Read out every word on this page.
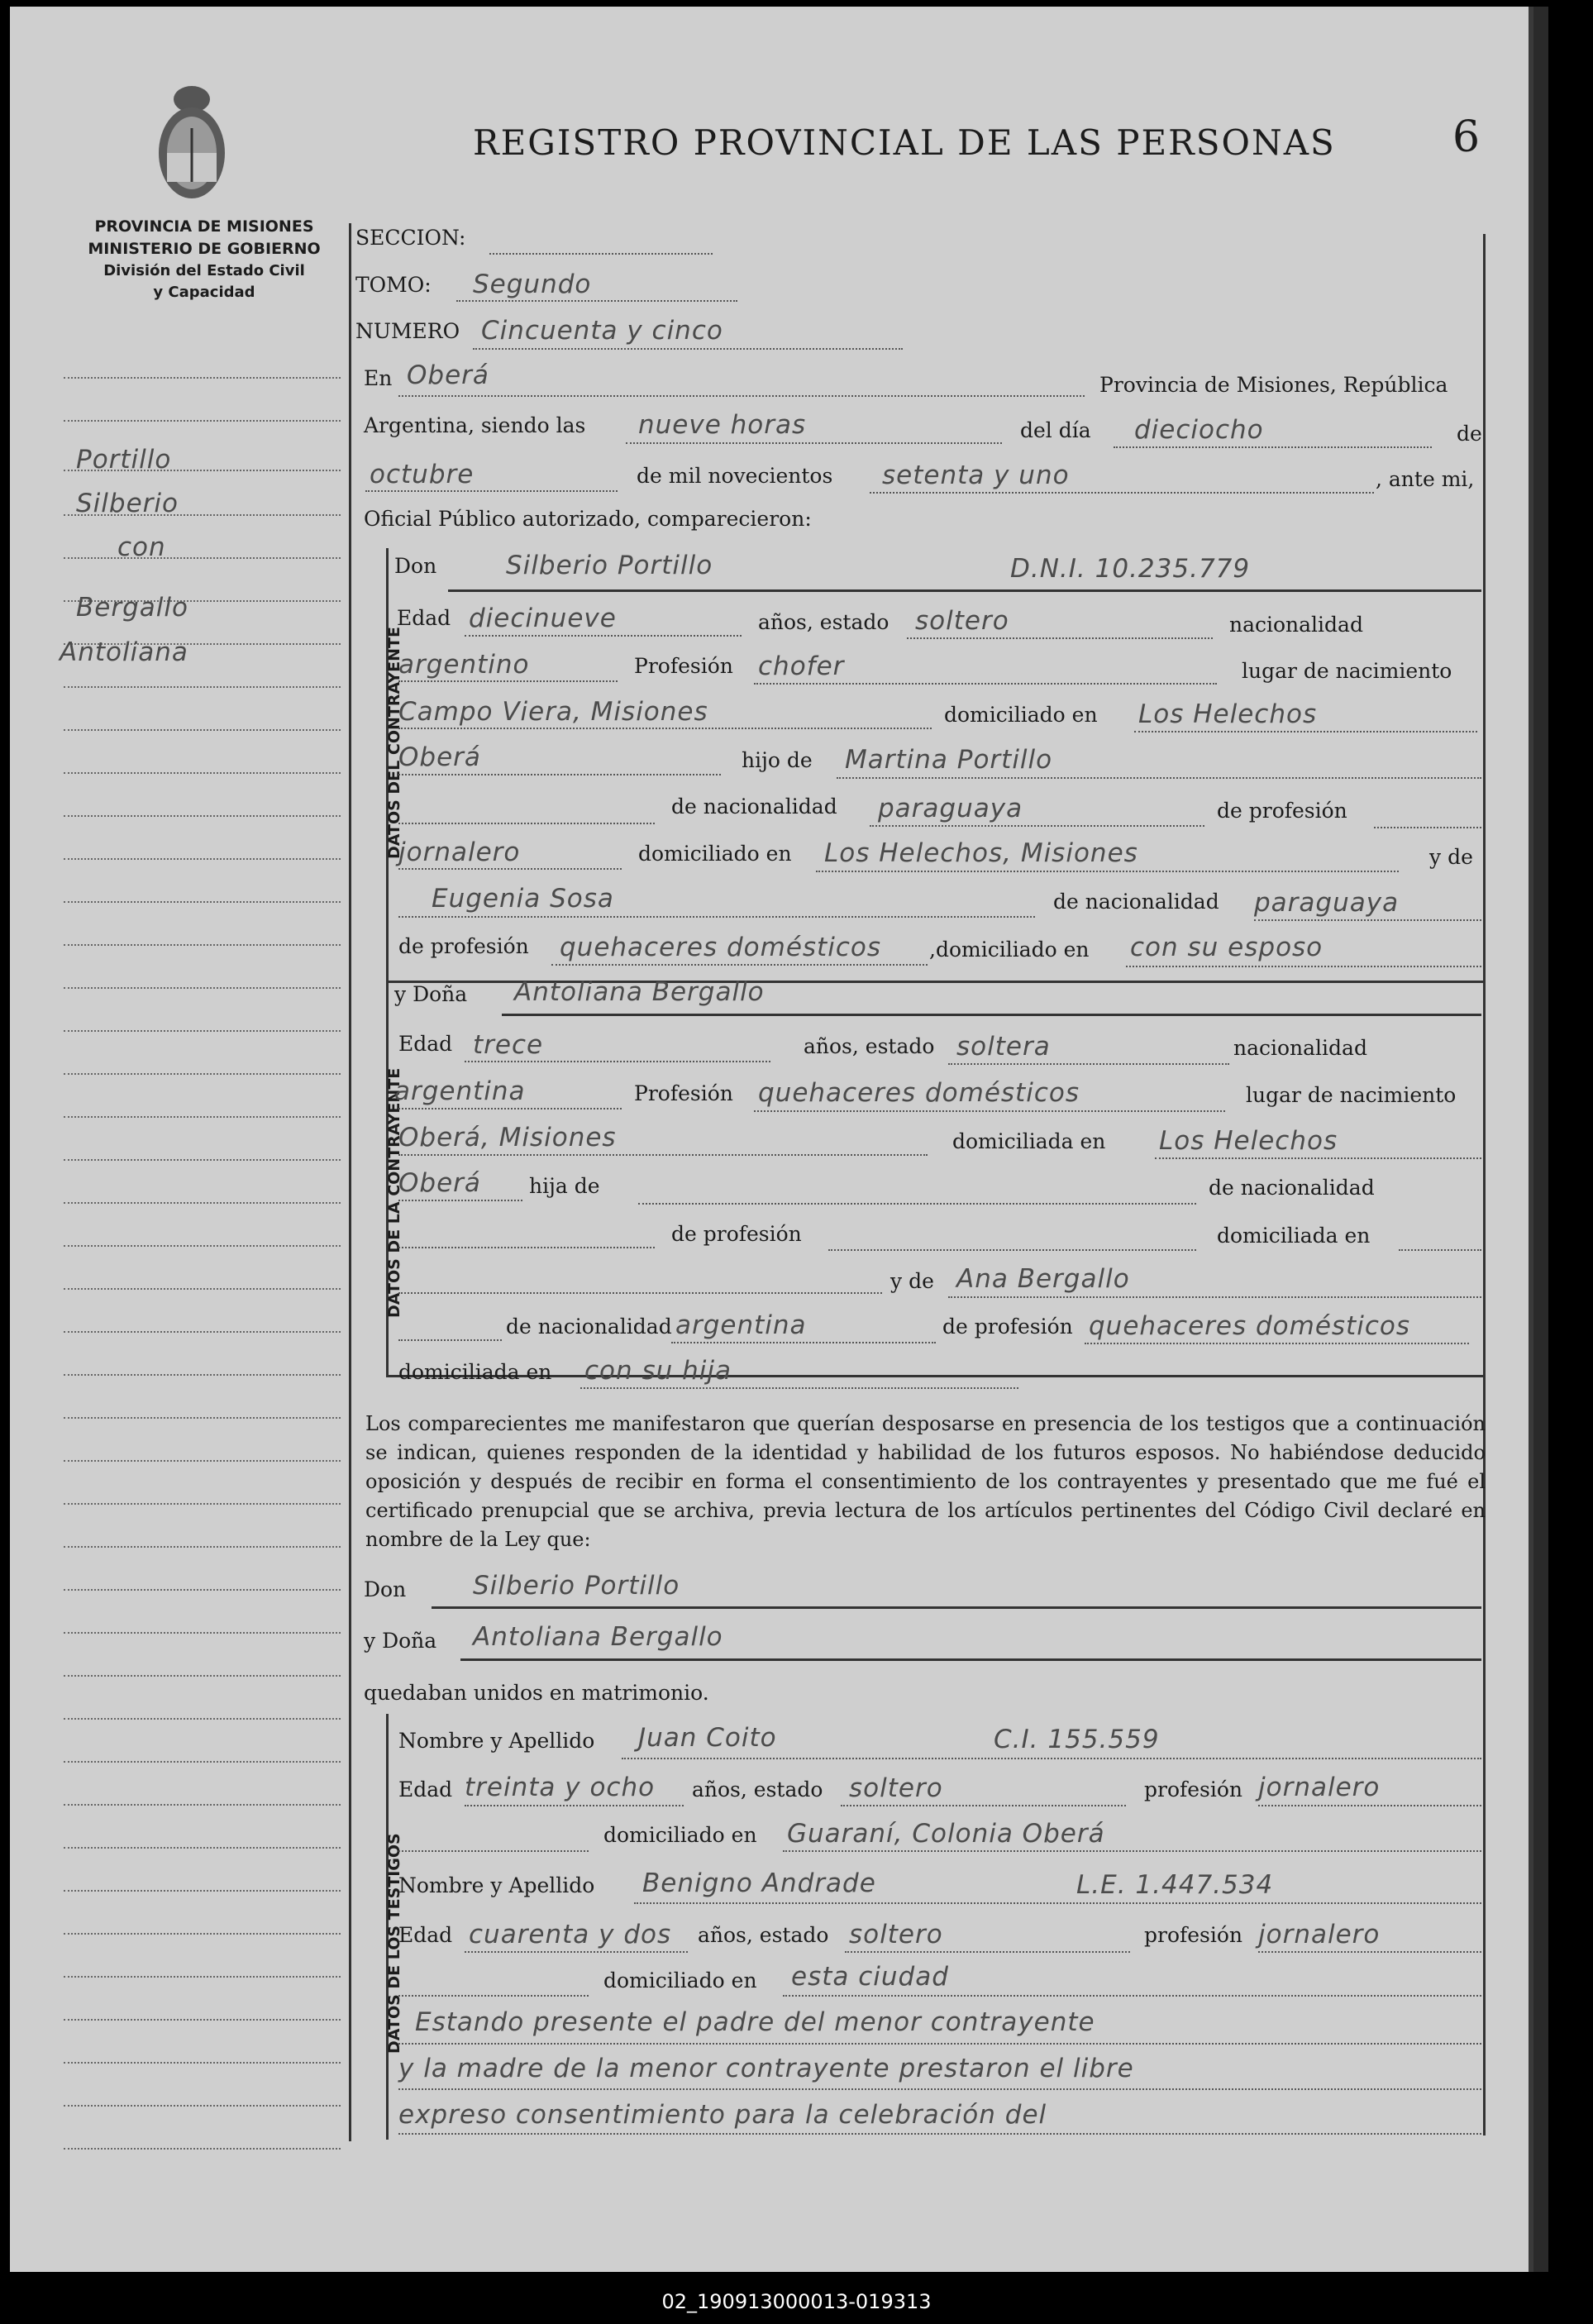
REGISTRO PROVINCIAL DE LAS PERSONAS	6
PROVINCIA DE MISIONES
MINISTERIO DE GOBIERNO
División del Estado Civil
y Capacidad
Portillo
Silberio
con
Bergallo
Antoliana	DATOS DEL CONTRAYENTE
DATOS DE LA CONTRAYENTE
DATOS DE LOS TESTIGOS
SECCION:
TOMO: Segundo
NUMERO Cincuenta y cinco
En Oberá	Provincia de Misiones, República
Argentina, siendo las nueve horas	del día dieciocho	de
octubre	de mil novecientos setenta y uno	, ante mi,
Oficial Público autorizado, comparecieron:
Don	Silberio Portillo	D.N.I. 10.235.779
Edad diecinueve	años, estado soltero	nacionalidad
argentino	Profesión chofer	lugar de nacimiento
Campo Viera, Misiones	domiciliado en Los Helechos
Oberá	hijo de Martina Portillo
de nacionalidad paraguaya	de profesión
jornalero	domiciliado en Los Helechos, Misiones	y de
Eugenia Sosa	de nacionalidad paraguaya
de profesión quehaceres domésticos ,domiciliado en con su esposo
y Doña Antoliana Bergallo
Edad trece	años, estado soltera	nacionalidad
argentina	Profesión quehaceres domésticos	lugar de nacimiento
Oberá, Misiones	domiciliada en Los Helechos
Oberá hija de	de nacionalidad
de profesión	domiciliada en
y de Ana Bergallo
de nacionalidad argentina	de profesión quehaceres domésticos
domiciliada en con su hija
Los comparecientes me manifestaron que querían desposarse en presencia de los testigos que a continuación se indican, quienes responden de la identidad y habilidad de los futuros esposos. No habiéndose deducido oposición y después de recibir en forma el consentimiento de los contrayentes y presentado que me fué el certificado prenupcial que se archiva, previa lectura de los artículos pertinentes del Código Civil declaré en nombre de la Ley que:
Don	Silberio Portillo
y Doña Antoliana Bergallo
quedaban unidos en matrimonio.
Nombre y Apellido Juan Coito	C.I. 155.559
Edad treinta y ocho años, estado soltero	profesión jornalero
domiciliado en Guaraní, Colonia Oberá
Nombre y Apellido Benigno Andrade	L.E. 1.447.534
Edad cuarenta y dos años, estado soltero	profesión jornalero
domiciliado en esta ciudad
Estando presente el padre del menor contrayente
y la madre de la menor contrayente prestaron el libre
expreso consentimiento para la celebración del
02_190913000013-019313
